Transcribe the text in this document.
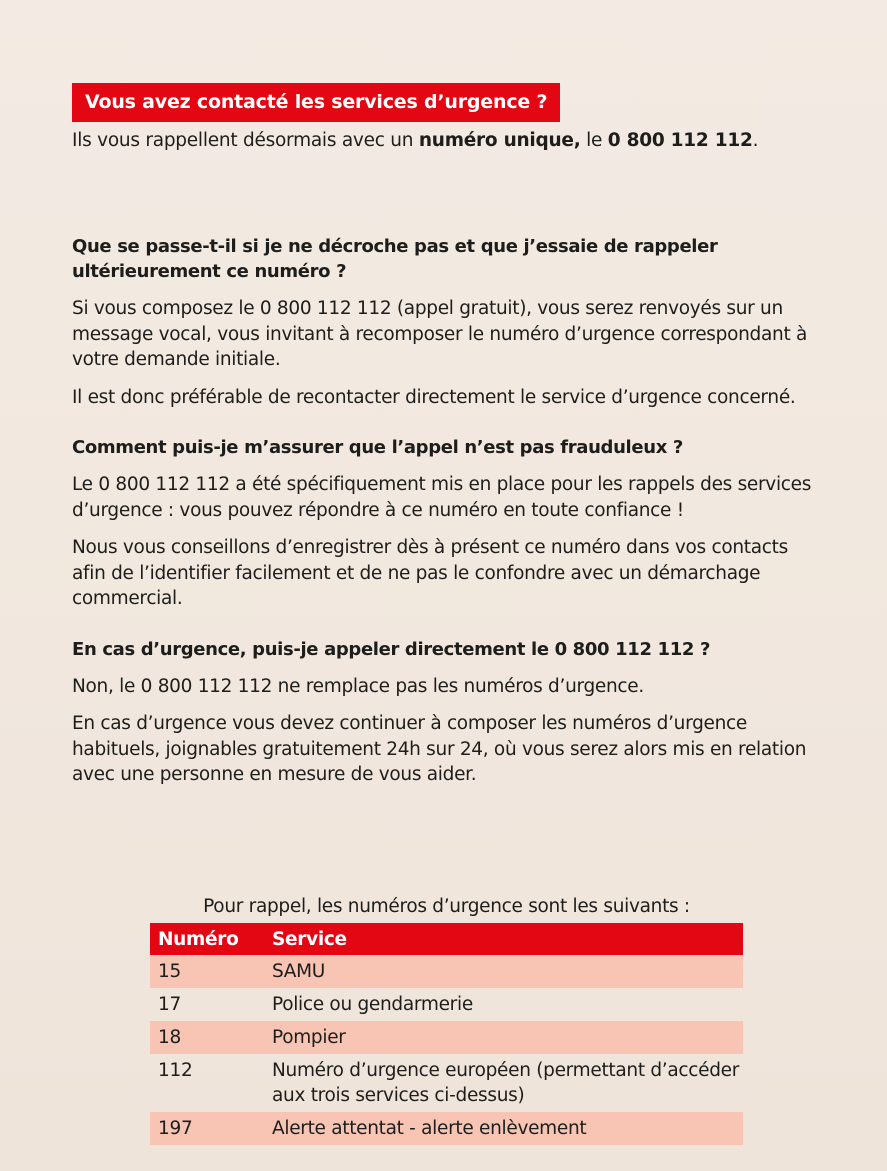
Vous avez contacté les services d’urgence ?

Ils vous rappellent désormais avec un numéro unique, le 0 800 112 112.

Que se passe-t-il si je ne décroche pas et que j’essaie de rappeler ultérieurement ce numéro ?

Si vous composez le 0 800 112 112 (appel gratuit), vous serez renvoyés sur un message vocal, vous invitant à recomposer le numéro d’urgence correspondant à votre demande initiale.

Il est donc préférable de recontacter directement le service d’urgence concerné.

Comment puis-je m’assurer que l’appel n’est pas frauduleux ?

Le 0 800 112 112 a été spécifiquement mis en place pour les rappels des services d’urgence : vous pouvez répondre à ce numéro en toute confiance !

Nous vous conseillons d’enregistrer dès à présent ce numéro dans vos contacts afin de l’identifier facilement et de ne pas le confondre avec un démarchage commercial.

En cas d’urgence, puis-je appeler directement le 0 800 112 112 ?

Non, le 0 800 112 112 ne remplace pas les numéros d’urgence.

En cas d’urgence vous devez continuer à composer les numéros d’urgence habituels, joignables gratuitement 24h sur 24, où vous serez alors mis en relation avec une personne en mesure de vous aider.

Pour rappel, les numéros d’urgence sont les suivants :

Numéro	Service
15	SAMU
17	Police ou gendarmerie
18	Pompier
112	Numéro d’urgence européen (permettant d’accéder aux trois services ci-dessus)
197	Alerte attentat - alerte enlèvement
